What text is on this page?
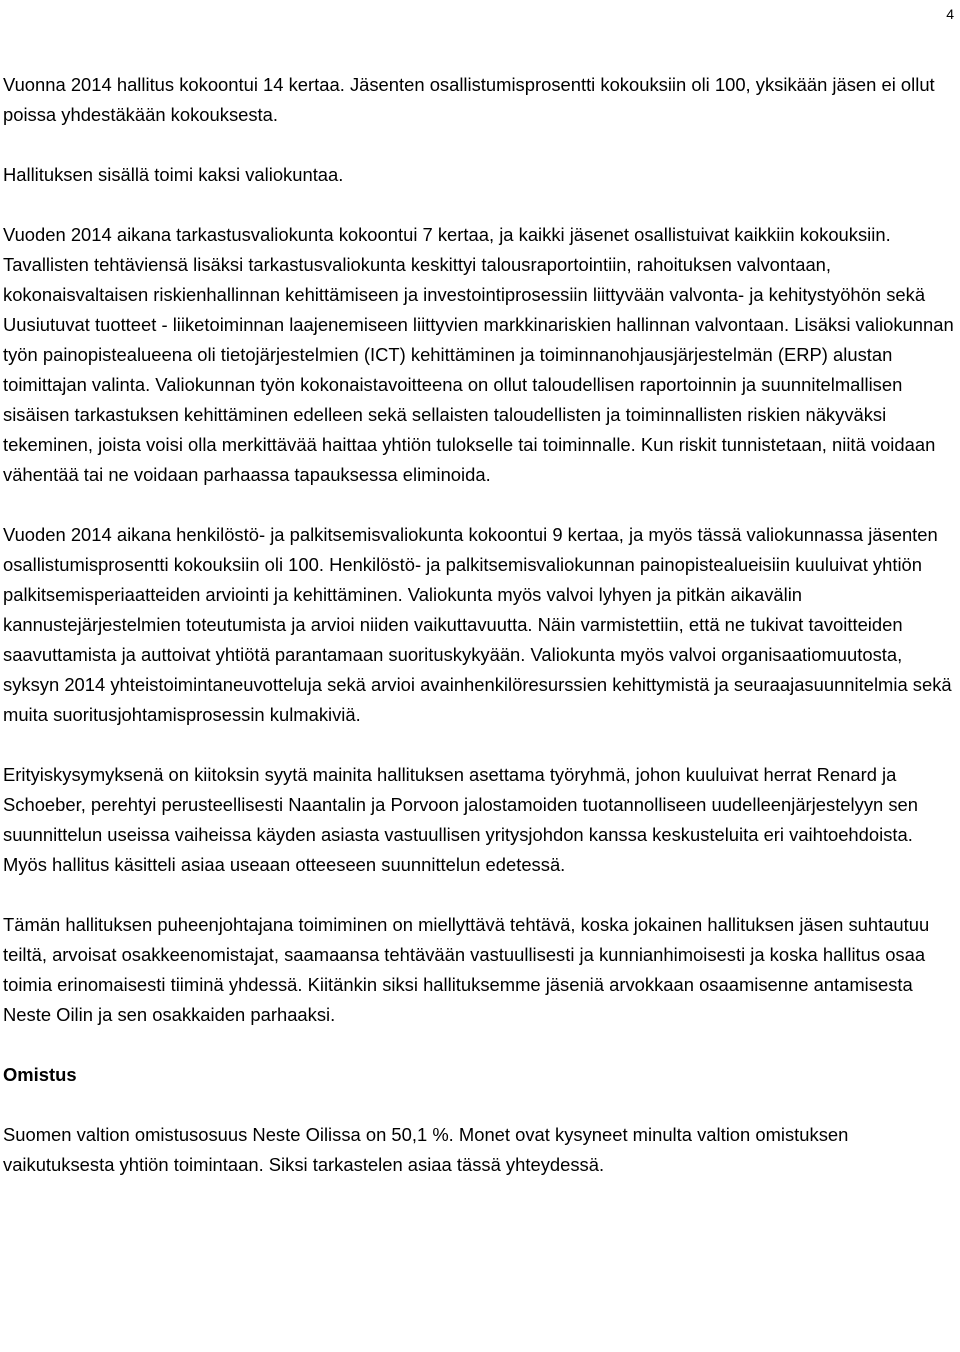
4

Vuonna 2014 hallitus kokoontui 14 kertaa. Jäsenten osallistumisprosentti kokouksiin oli 100, yksikään jäsen ei ollut poissa yhdestäkään kokouksesta.

Hallituksen sisällä toimi kaksi valiokuntaa.

Vuoden 2014 aikana tarkastusvaliokunta kokoontui 7 kertaa, ja kaikki jäsenet osallistuivat kaikkiin kokouksiin. Tavallisten tehtäviensä lisäksi tarkastusvaliokunta keskittyi talousraportointiin, rahoituksen valvontaan, kokonaisvaltaisen riskienhallinnan kehittämiseen ja investointiprosessiin liittyvään valvonta- ja kehitystyöhön sekä Uusiutuvat tuotteet - liiketoiminnan laajenemiseen liittyvien markkinariskien hallinnan valvontaan. Lisäksi valiokunnan työn painopistealueena oli tietojärjestelmien (ICT) kehittäminen ja toiminnanohjausjärjestelmän (ERP) alustan toimittajan valinta. Valiokunnan työn kokonaistavoitteena on ollut taloudellisen raportoinnin ja suunnitelmallisen sisäisen tarkastuksen kehittäminen edelleen sekä sellaisten taloudellisten ja toiminnallisten riskien näkyväksi tekeminen, joista voisi olla merkittävää haittaa yhtiön tulokselle tai toiminnalle. Kun riskit tunnistetaan, niitä voidaan vähentää tai ne voidaan parhaassa tapauksessa eliminoida.

Vuoden 2014 aikana henkilöstö- ja palkitsemisvaliokunta kokoontui 9 kertaa, ja myös tässä valiokunnassa jäsenten osallistumisprosentti kokouksiin oli 100. Henkilöstö- ja palkitsemisvaliokunnan painopistealueisiin kuuluivat yhtiön palkitsemisperiaatteiden arviointi ja kehittäminen. Valiokunta myös valvoi lyhyen ja pitkän aikavälin kannustejärjestelmien toteutumista ja arvioi niiden vaikuttavuutta. Näin varmistettiin, että ne tukivat tavoitteiden saavuttamista ja auttoivat yhtiötä parantamaan suorituskykyään. Valiokunta myös valvoi organisaatiomuutosta, syksyn 2014 yhteistoimintaneuvotteluja sekä arvioi avainhenkilöresurssien kehittymistä ja seuraajasuunnitelmia sekä muita suoritusjohtamisprosessin kulmakiviä.

Erityiskysymyksenä on kiitoksin syytä mainita hallituksen asettama työryhmä, johon kuuluivat herrat Renard ja Schoeber, perehtyi perusteellisesti Naantalin ja Porvoon jalostamoiden tuotannolliseen uudelleenjärjestelyyn sen suunnittelun useissa vaiheissa käyden asiasta vastuullisen yritysjohdon kanssa keskusteluita eri vaihtoehdoista. Myös hallitus käsitteli asiaa useaan otteeseen suunnittelun edetessä.

Tämän hallituksen puheenjohtajana toimiminen on miellyttävä tehtävä, koska jokainen hallituksen jäsen suhtautuu teiltä, arvoisat osakkeenomistajat, saamaansa tehtävään vastuullisesti ja kunnianhimoisesti ja koska hallitus osaa toimia erinomaisesti tiiminä yhdessä. Kiitänkin siksi hallituksemme jäseniä arvokkaan osaamisenne antamisesta Neste Oilin ja sen osakkaiden parhaaksi.

Omistus

Suomen valtion omistusosuus Neste Oilissa on 50,1 %. Monet ovat kysyneet minulta valtion omistuksen vaikutuksesta yhtiön toimintaan. Siksi tarkastelen asiaa tässä yhteydessä.
